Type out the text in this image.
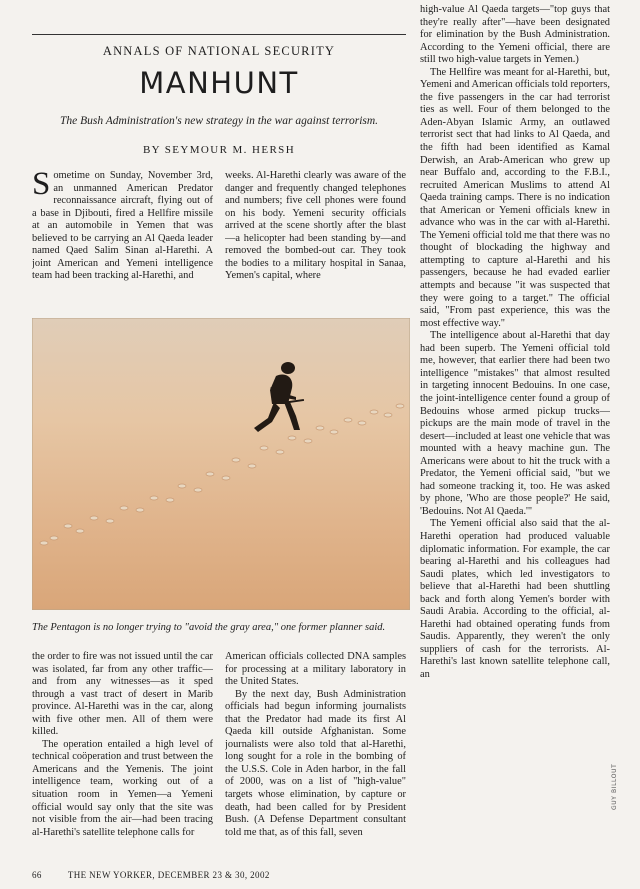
ANNALS OF NATIONAL SECURITY
MANHUNT
The Bush Administration's new strategy in the war against terrorism.
BY SEYMOUR M. HERSH

Sometime on Sunday, November 3rd, an unmanned American Predator reconnaissance aircraft, flying out of a base in Djibouti, fired a Hellfire missile at an automobile in Yemen that was believed to be carrying an Al Qaeda leader named Qaed Salim Sinan al-Harethi. A joint American and Yemeni intelligence team had been tracking al-Harethi, and

weeks. Al-Harethi clearly was aware of the danger and frequently changed telephones and numbers; five cell phones were found on his body. Yemeni security officials arrived at the scene shortly after the blast—a helicopter had been standing by—and removed the bombed-out car. They took the bodies to a military hospital in Sanaa, Yemen's capital, where

high-value Al Qaeda targets—"top guys that they're really after"—have been designated for elimination by the Bush Administration. According to the Yemeni official, there are still two high-value targets in Yemen.)

The Hellfire was meant for al-Harethi, but, Yemeni and American officials told reporters, the five passengers in the car had terrorist ties as well. Four of them belonged to the Aden-Abyan Islamic Army, an outlawed terrorist sect that had links to Al Qaeda, and the fifth had been identified as Kamal Derwish, an Arab-American who grew up near Buffalo and, according to the F.B.I., recruited American Muslims to attend Al Qaeda training camps. There is no indication that American or Yemeni officials knew in advance who was in the car with al-Harethi. The Yemeni official told me that there was no thought of blockading the highway and attempting to capture al-Harethi and his passengers, because he had evaded earlier attempts and because "it was suspected that they were going to a target." The official said, "From past experience, this was the most effective way."

The intelligence about al-Harethi that day had been superb. The Yemeni official told me, however, that earlier there had been two intelligence "mistakes" that almost resulted in targeting innocent Bedouins. In one case, the joint-intelligence center found a group of Bedouins whose armed pickup trucks—pickups are the main mode of travel in the desert—included at least one vehicle that was mounted with a heavy machine gun. The Americans were about to hit the truck with a Predator, the Yemeni official said, "but we had someone tracking it, too. He was asked by phone, 'Who are those people?' He said, 'Bedouins. Not Al Qaeda.'"

The Yemeni official also said that the al-Harethi operation had produced valuable diplomatic information. For example, the car bearing al-Harethi and his colleagues had Saudi plates, which led investigators to believe that al-Harethi had been shuttling back and forth along Yemen's border with Saudi Arabia. According to the official, al-Harethi had obtained operating funds from Saudis. Apparently, they weren't the only suppliers of cash for the terrorists. Al-Harethi's last known satellite telephone call, an

The Pentagon is no longer trying to "avoid the gray area," one former planner said.

the order to fire was not issued until the car was isolated, far from any other traffic—and from any witnesses—as it sped through a vast tract of desert in Marib province. Al-Harethi was in the car, along with five other men. All of them were killed.

The operation entailed a high level of technical coöperation and trust between the Americans and the Yemenis. The joint intelligence team, working out of a situation room in Yemen—a Yemeni official would say only that the site was not visible from the air—had been tracing al-Harethi's satellite telephone calls for

American officials collected DNA samples for processing at a military laboratory in the United States.

By the next day, Bush Administration officials had begun informing journalists that the Predator had made its first Al Qaeda kill outside Afghanistan. Some journalists were also told that al-Harethi, long sought for a role in the bombing of the U.S.S. Cole in Aden harbor, in the fall of 2000, was on a list of "high-value" targets whose elimination, by capture or death, had been called for by President Bush. (A Defense Department consultant told me that, as of this fall, seven

66	THE NEW YORKER, DECEMBER 23 & 30, 2002
GUY BILLOUT
